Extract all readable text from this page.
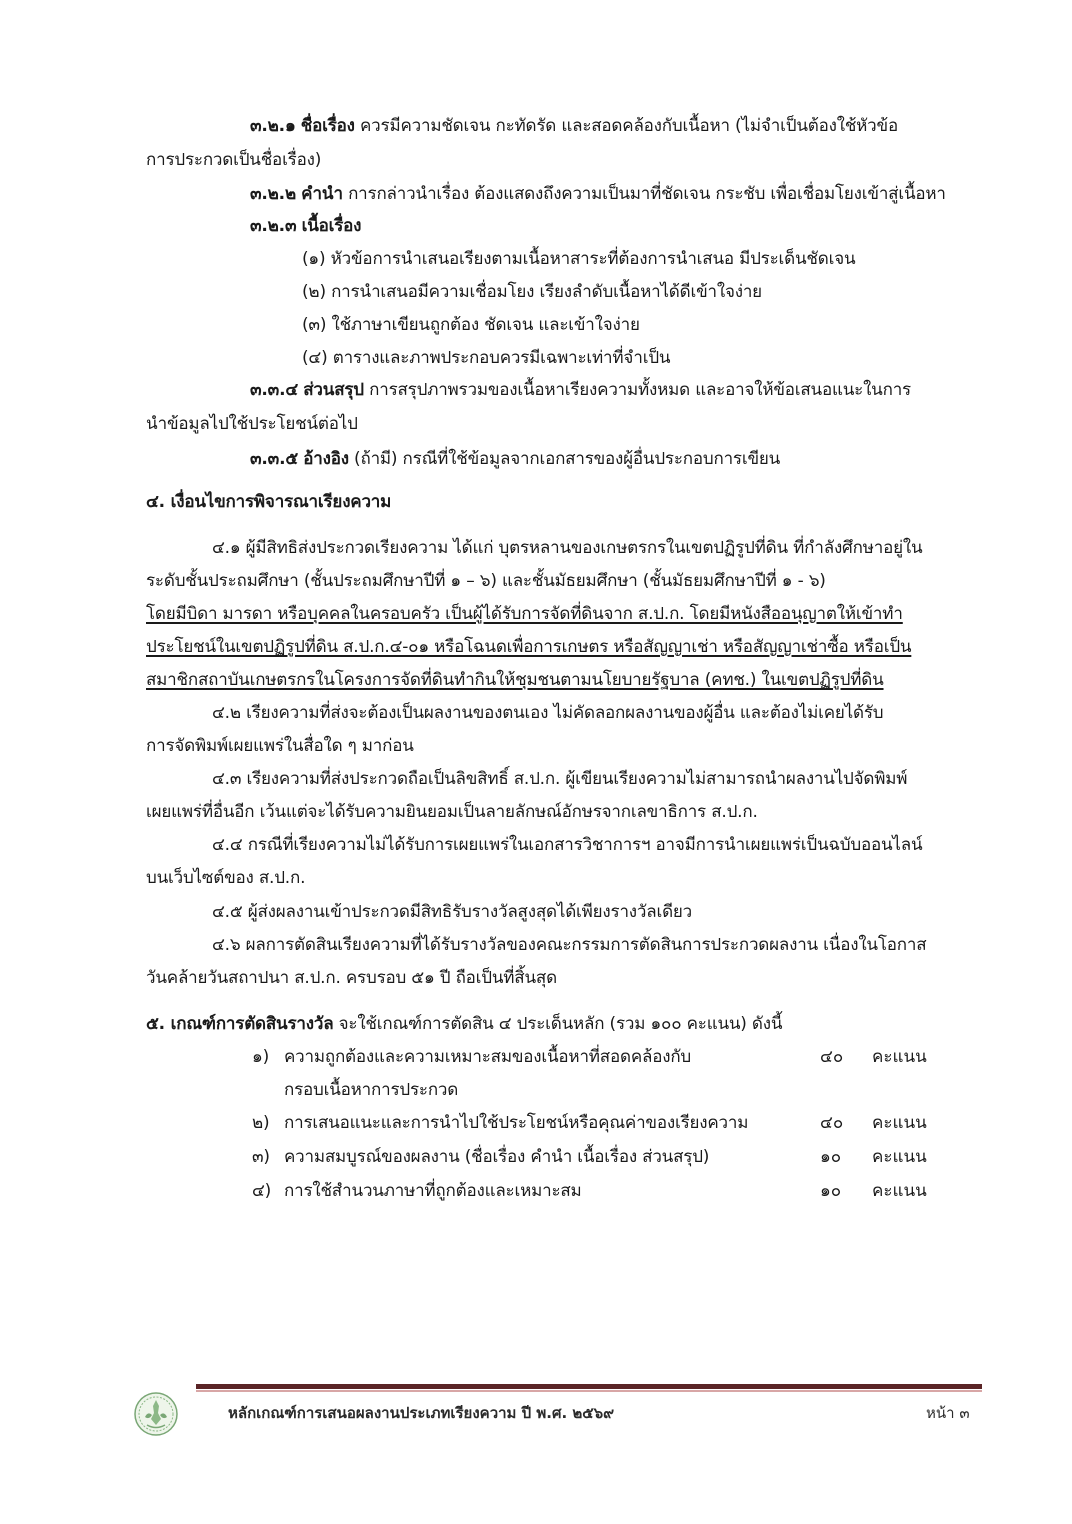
๓.๒.๑ ชื่อเรื่อง ควรมีความชัดเจน กะทัดรัด และสอดคล้องกับเนื้อหา (ไม่จำเป็นต้องใช้หัวข้อ
การประกวดเป็นชื่อเรื่อง)
๓.๒.๒ คำนำ การกล่าวนำเรื่อง ต้องแสดงถึงความเป็นมาที่ชัดเจน กระชับ เพื่อเชื่อมโยงเข้าสู่เนื้อหา
๓.๒.๓ เนื้อเรื่อง
(๑) หัวข้อการนำเสนอเรียงตามเนื้อหาสาระที่ต้องการนำเสนอ มีประเด็นชัดเจน
(๒) การนำเสนอมีความเชื่อมโยง เรียงลำดับเนื้อหาได้ดีเข้าใจง่าย
(๓) ใช้ภาษาเขียนถูกต้อง ชัดเจน และเข้าใจง่าย
(๔) ตารางและภาพประกอบควรมีเฉพาะเท่าที่จำเป็น
๓.๓.๔ ส่วนสรุป การสรุปภาพรวมของเนื้อหาเรียงความทั้งหมด และอาจให้ข้อเสนอแนะในการ
นำข้อมูลไปใช้ประโยชน์ต่อไป
๓.๓.๕ อ้างอิง (ถ้ามี) กรณีที่ใช้ข้อมูลจากเอกสารของผู้อื่นประกอบการเขียน
๔. เงื่อนไขการพิจารณาเรียงความ
๔.๑ ผู้มีสิทธิส่งประกวดเรียงความ ได้แก่ บุตรหลานของเกษตรกรในเขตปฏิรูปที่ดิน ที่กำลังศึกษาอยู่ใน
ระดับชั้นประถมศึกษา (ชั้นประถมศึกษาปีที่ ๑ – ๖) และชั้นมัธยมศึกษา (ชั้นมัธยมศึกษาปีที่ ๑ - ๖)
โดยมีบิดา มารดา หรือบุคคลในครอบครัว เป็นผู้ได้รับการจัดที่ดินจาก ส.ป.ก. โดยมีหนังสืออนุญาตให้เข้าทำ
ประโยชน์ในเขตปฏิรูปที่ดิน ส.ป.ก.๔-๐๑ หรือโฉนดเพื่อการเกษตร หรือสัญญาเช่า หรือสัญญาเช่าซื้อ หรือเป็น
สมาชิกสถาบันเกษตรกรในโครงการจัดที่ดินทำกินให้ชุมชนตามนโยบายรัฐบาล (คทช.) ในเขตปฏิรูปที่ดิน
๔.๒ เรียงความที่ส่งจะต้องเป็นผลงานของตนเอง ไม่คัดลอกผลงานของผู้อื่น และต้องไม่เคยได้รับ
การจัดพิมพ์เผยแพร่ในสื่อใด ๆ มาก่อน
๔.๓ เรียงความที่ส่งประกวดถือเป็นลิขสิทธิ์ ส.ป.ก. ผู้เขียนเรียงความไม่สามารถนำผลงานไปจัดพิมพ์
เผยแพร่ที่อื่นอีก เว้นแต่จะได้รับความยินยอมเป็นลายลักษณ์อักษรจากเลขาธิการ ส.ป.ก.
๔.๔ กรณีที่เรียงความไม่ได้รับการเผยแพร่ในเอกสารวิชาการฯ อาจมีการนำเผยแพร่เป็นฉบับออนไลน์
บนเว็บไซต์ของ ส.ป.ก.
๔.๕ ผู้ส่งผลงานเข้าประกวดมีสิทธิรับรางวัลสูงสุดได้เพียงรางวัลเดียว
๔.๖ ผลการตัดสินเรียงความที่ได้รับรางวัลของคณะกรรมการตัดสินการประกวดผลงาน เนื่องในโอกาส
วันคล้ายวันสถาปนา ส.ป.ก. ครบรอบ ๕๑ ปี ถือเป็นที่สิ้นสุด
๕. เกณฑ์การตัดสินรางวัล จะใช้เกณฑ์การตัดสิน ๔ ประเด็นหลัก (รวม ๑๐๐ คะแนน) ดังนี้
๑) ความถูกต้องและความเหมาะสมของเนื้อหาที่สอดคล้องกับ	๔๐ คะแนน
กรอบเนื้อหาการประกวด
๒) การเสนอแนะและการนำไปใช้ประโยชน์หรือคุณค่าของเรียงความ	๔๐ คะแนน
๓) ความสมบูรณ์ของผลงาน (ชื่อเรื่อง คำนำ เนื้อเรื่อง ส่วนสรุป)	๑๐ คะแนน
๔) การใช้สำนวนภาษาที่ถูกต้องและเหมาะสม	๑๐ คะแนน
หลักเกณฑ์การเสนอผลงานประเภทเรียงความ ปี พ.ศ. ๒๕๖๙	หน้า ๓
